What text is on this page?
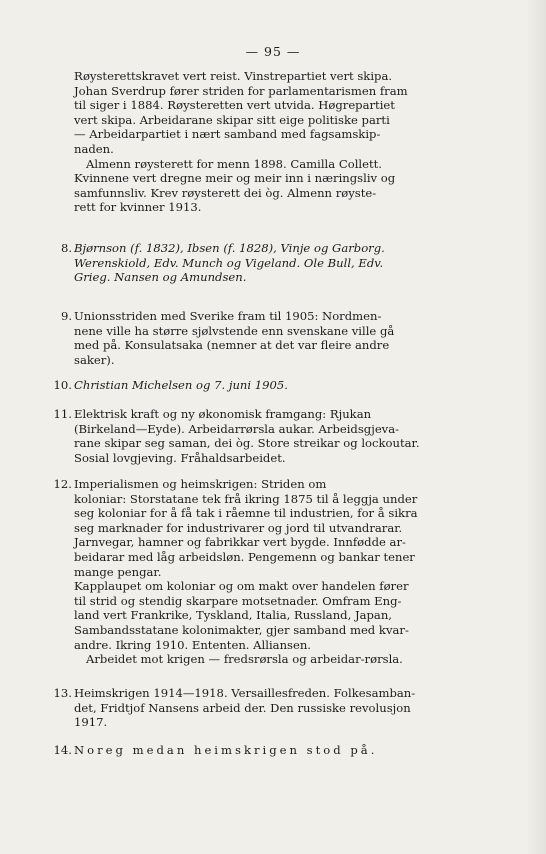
— 95 —
Røysterettskravet vert reist. Vinstrepartiet vert skipa.
Johan Sverdrup fører striden for parlamentarismen fram
til siger i 1884. Røysteretten vert utvida. Høgrepartiet
vert skipa. Arbeidarane skipar sitt eige politiske parti
— Arbeidarpartiet i nært samband med fagsamskip-
naden.
Almenn røysterett for menn 1898. Camilla Collett.
Kvinnene vert dregne meir og meir inn i næringsliv og
samfunnsliv. Krev røysterett dei òg. Almenn røyste-
rett for kvinner 1913.
8. Bjørnson (f. 1832), Ibsen (f. 1828), Vinje og Garborg.
Werenskiold, Edv. Munch og Vigeland. Ole Bull, Edv.
Grieg. Nansen og Amundsen.
9. Unionsstriden med Sverike fram til 1905: Nordmen-
nene ville ha større sjølvstende enn svenskane ville gå
med på. Konsulatsaka (nemner at det var fleire andre
saker).
10. Christian Michelsen og 7. juni 1905.
11. Elektrisk kraft og ny økonomisk framgang: Rjukan
(Birkeland—Eyde). Arbeidarrørsla aukar. Arbeidsgjeva-
rane skipar seg saman, dei òg. Store streikar og lockoutar.
Sosial lovgjeving. Fråhaldsarbeidet.
12. Imperialismen og heimskrigen: Striden om
koloniar: Storstatane tek frå ikring 1875 til å leggja under
seg koloniar for å få tak i råemne til industrien, for å sikra
seg marknader for industrivarer og jord til utvandrarar.
Jarnvegar, hamner og fabrikkar vert bygde. Innfødde ar-
beidarar med låg arbeidsløn. Pengemenn og bankar tener
mange pengar.
Kapplaupet om koloniar og om makt over handelen fører
til strid og stendig skarpare motsetnader. Omfram Eng-
land vert Frankrike, Tyskland, Italia, Russland, Japan,
Sambandsstatane kolonimakter, gjer samband med kvar-
andre. Ikring 1910. Ententen. Alliansen.
Arbeidet mot krigen — fredsrørsla og arbeidar-rørsla.
13. Heimskrigen 1914—1918. Versaillesfreden. Folkesamban-
det, Fridtjof Nansens arbeid der. Den russiske revolusjon
1917.
14. Noreg medan heimskrigen stod på.
